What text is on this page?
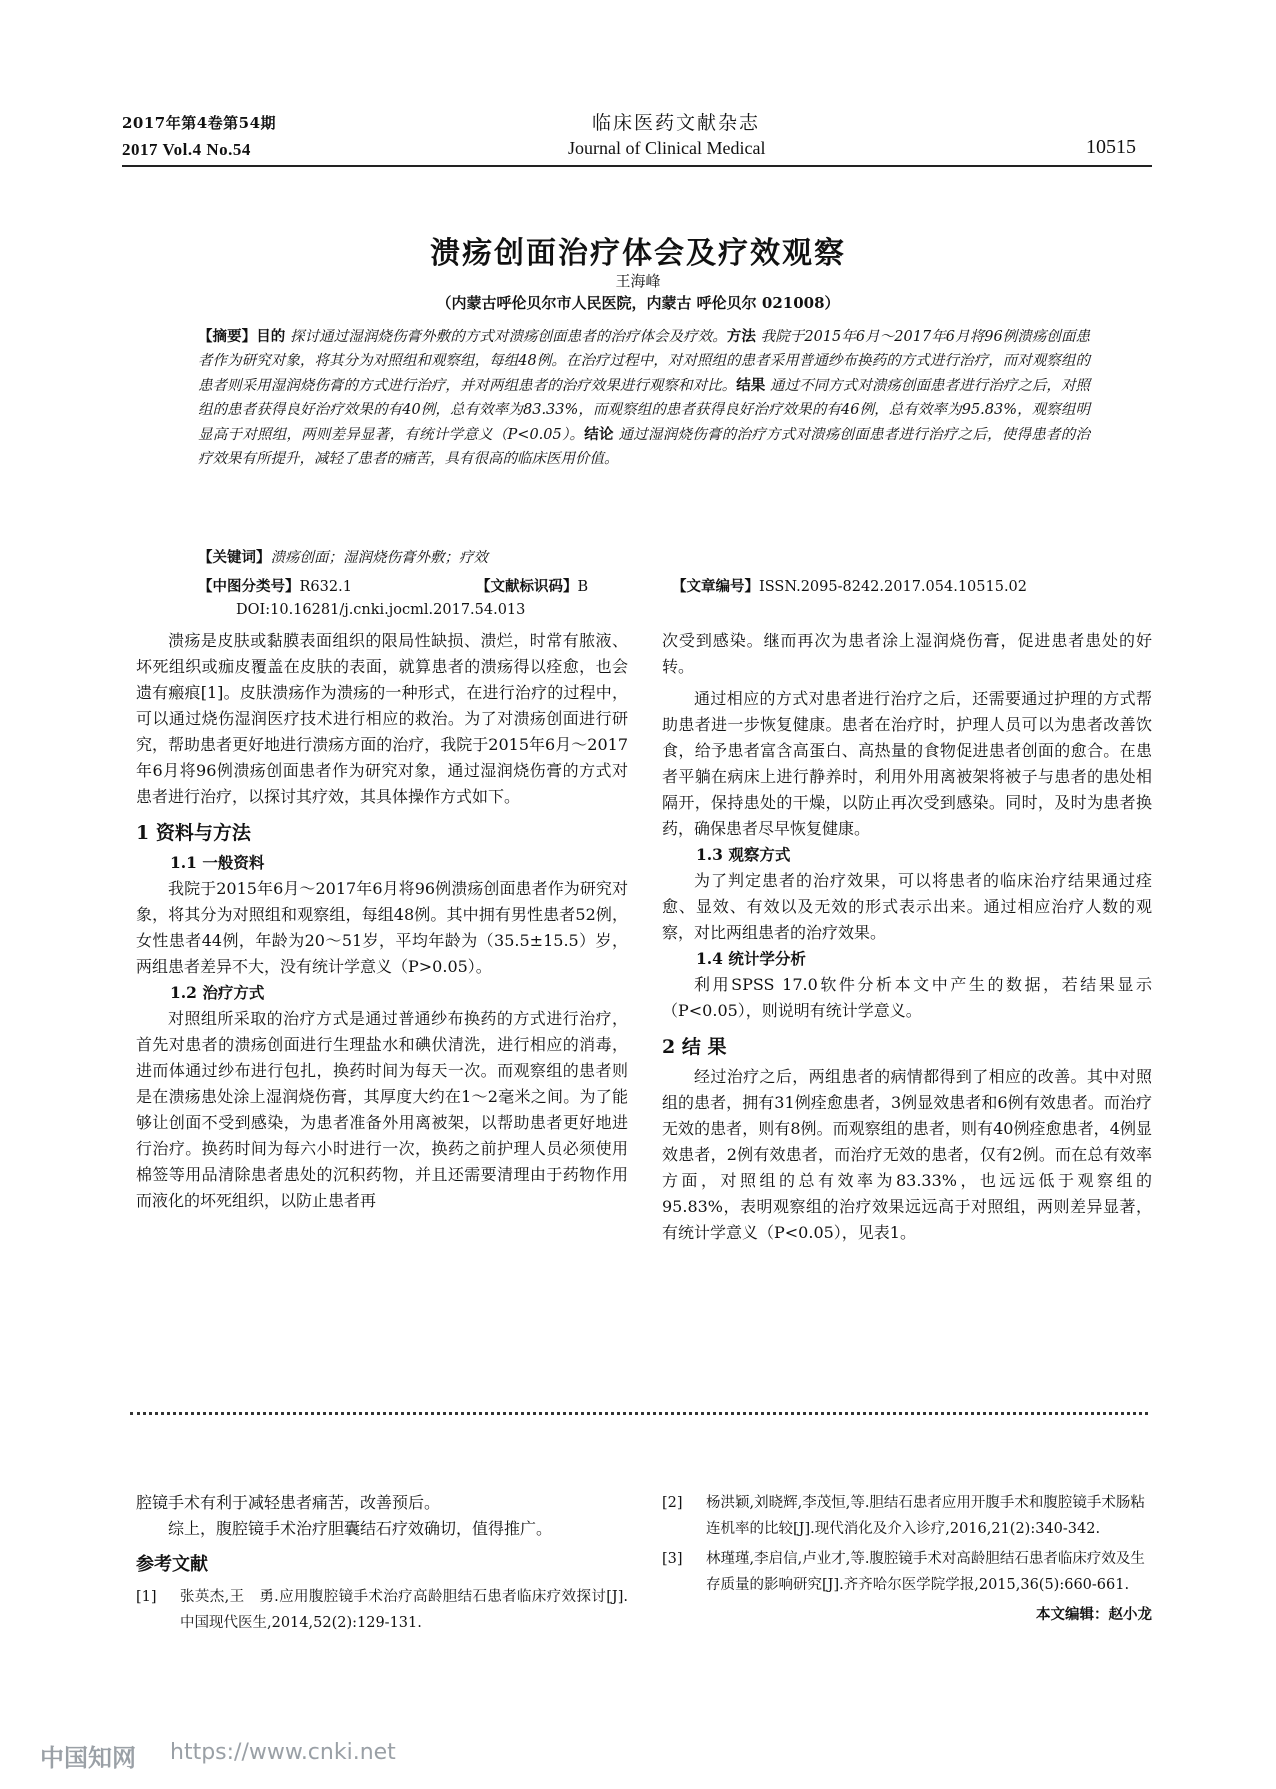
2017年第4卷第54期
2017 Vol.4 No.54
临床医药文献杂志
Journal of Clinical Medical	10515
溃疡创面治疗体会及疗效观察
王海峰
（内蒙古呼伦贝尔市人民医院，内蒙古 呼伦贝尔 021008）
【摘要】目的 探讨通过湿润烧伤膏外敷的方式对溃疡创面患者的治疗体会及疗效。方法 我院于2015年6月～2017年6月将96例溃疡创面患者作为研究对象，将其分为对照组和观察组，每组48例。在治疗过程中，对对照组的患者采用普通纱布换药的方式进行治疗，而对观察组的患者则采用湿润烧伤膏的方式进行治疗，并对两组患者的治疗效果进行观察和对比。结果 通过不同方式对溃疡创面患者进行治疗之后，对照组的患者获得良好治疗效果的有40例，总有效率为83.33%，而观察组的患者获得良好治疗效果的有46例，总有效率为95.83%，观察组明显高于对照组，两则差异显著，有统计学意义（P<0.05）。结论 通过湿润烧伤膏的治疗方式对溃疡创面患者进行治疗之后，使得患者的治疗效果有所提升，减轻了患者的痛苦，具有很高的临床医用价值。
【关键词】溃疡创面；湿润烧伤膏外敷；疗效
【中图分类号】R632.1	【文献标识码】B	【文章编号】ISSN.2095-8242.2017.054.10515.02
DOI:10.16281/j.cnki.jocml.2017.54.013

溃疡是皮肤或黏膜表面组织的限局性缺损、溃烂，时常有脓液、坏死组织或痂皮覆盖在皮肤的表面，就算患者的溃疡得以痊愈，也会遗有瘢痕[1]。皮肤溃疡作为溃疡的一种形式，在进行治疗的过程中，可以通过烧伤湿润医疗技术进行相应的救治。为了对溃疡创面进行研究，帮助患者更好地进行溃疡方面的治疗，我院于2015年6月～2017年6月将96例溃疡创面患者作为研究对象，通过湿润烧伤膏的方式对患者进行治疗，以探讨其疗效，其具体操作方式如下。

1 资料与方法
1.1 一般资料

我院于2015年6月～2017年6月将96例溃疡创面患者作为研究对象，将其分为对照组和观察组，每组48例。其中拥有男性患者52例，女性患者44例，年龄为20～51岁，平均年龄为（35.5±15.5）岁，两组患者差异不大，没有统计学意义（P>0.05）。

1.2 治疗方式

对照组所采取的治疗方式是通过普通纱布换药的方式进行治疗，首先对患者的溃疡创面进行生理盐水和碘伏清洗，进行相应的消毒，进而体通过纱布进行包扎，换药时间为每天一次。而观察组的患者则是在溃疡患处涂上湿润烧伤膏，其厚度大约在1～2毫米之间。为了能够让创面不受到感染，为患者准备外用离被架，以帮助患者更好地进行治疗。换药时间为每六小时进行一次，换药之前护理人员必须使用棉签等用品清除患者患处的沉积药物，并且还需要清理由于药物作用而液化的坏死组织，以防止患者再

次受到感染。继而再次为患者涂上湿润烧伤膏，促进患者患处的好转。

通过相应的方式对患者进行治疗之后，还需要通过护理的方式帮助患者进一步恢复健康。患者在治疗时，护理人员可以为患者改善饮食，给予患者富含高蛋白、高热量的食物促进患者创面的愈合。在患者平躺在病床上进行静养时，利用外用离被架将被子与患者的患处相隔开，保持患处的干燥，以防止再次受到感染。同时，及时为患者换药，确保患者尽早恢复健康。

1.3 观察方式

为了判定患者的治疗效果，可以将患者的临床治疗结果通过痊愈、显效、有效以及无效的形式表示出来。通过相应治疗人数的观察，对比两组患者的治疗效果。

1.4 统计学分析

利用SPSS 17.0软件分析本文中产生的数据，若结果显示（P<0.05），则说明有统计学意义。

2 结 果

经过治疗之后，两组患者的病情都得到了相应的改善。其中对照组的患者，拥有31例痊愈患者，3例显效患者和6例有效患者。而治疗无效的患者，则有8例。而观察组的患者，则有40例痊愈患者，4例显效患者，2例有效患者，而治疗无效的患者，仅有2例。而在总有效率方面，对照组的总有效率为83.33%，也远远低于观察组的95.83%，表明观察组的治疗效果远远高于对照组，两则差异显著，有统计学意义（P<0.05），见表1。

腔镜手术有利于减轻患者痛苦，改善预后。

综上，腹腔镜手术治疗胆囊结石疗效确切，值得推广。

参考文献
[1] 张英杰,王　勇.应用腹腔镜手术治疗高龄胆结石患者临床疗效探讨[J].中国现代医生,2014,52(2):129-131.
[2] 杨洪颖,刘晓辉,李茂恒,等.胆结石患者应用开腹手术和腹腔镜手术肠粘连机率的比较[J].现代消化及介入诊疗,2016,21(2):340-342.
[3] 林瑾瑾,李启信,卢业才,等.腹腔镜手术对高龄胆结石患者临床疗效及生存质量的影响研究[J].齐齐哈尔医学院学报,2015,36(5):660-661.
本文编辑：赵小龙
中国知网 https://www.cnki.net
